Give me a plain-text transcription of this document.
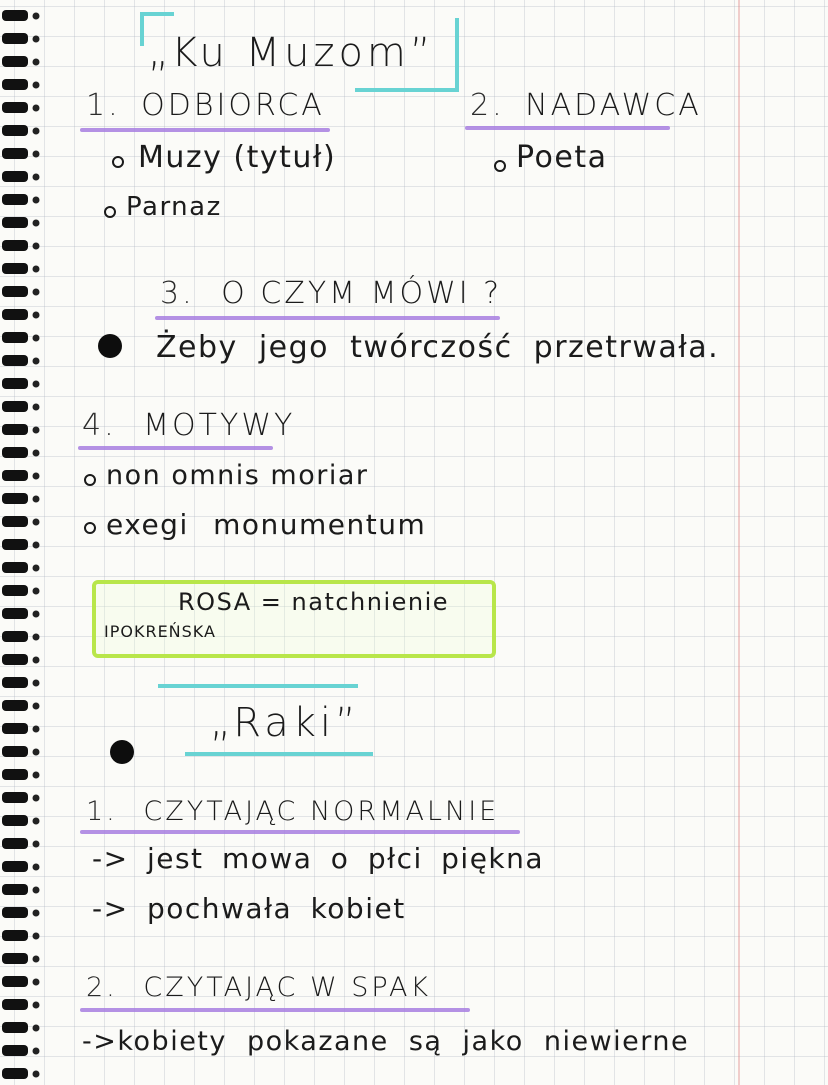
„Ku Muzom”
1. ODBIORCA
Muzy (tytuł)
Parnaz
2. NADAWCA
Poeta
3. O CZYM MÓWI ?
Żeby jego twórczość przetrwała.
4. MOTYWY
non omnis moriar
exegi monumentum
ROSA = natchnienie
IPOKREŃSKA
„Raki”
1. CZYTAJĄC NORMALNIE
-> jest mowa o płci piękna
-> pochwała kobiet
2. CZYTAJĄC W SPAK
->kobiety pokazane są jako niewierne
